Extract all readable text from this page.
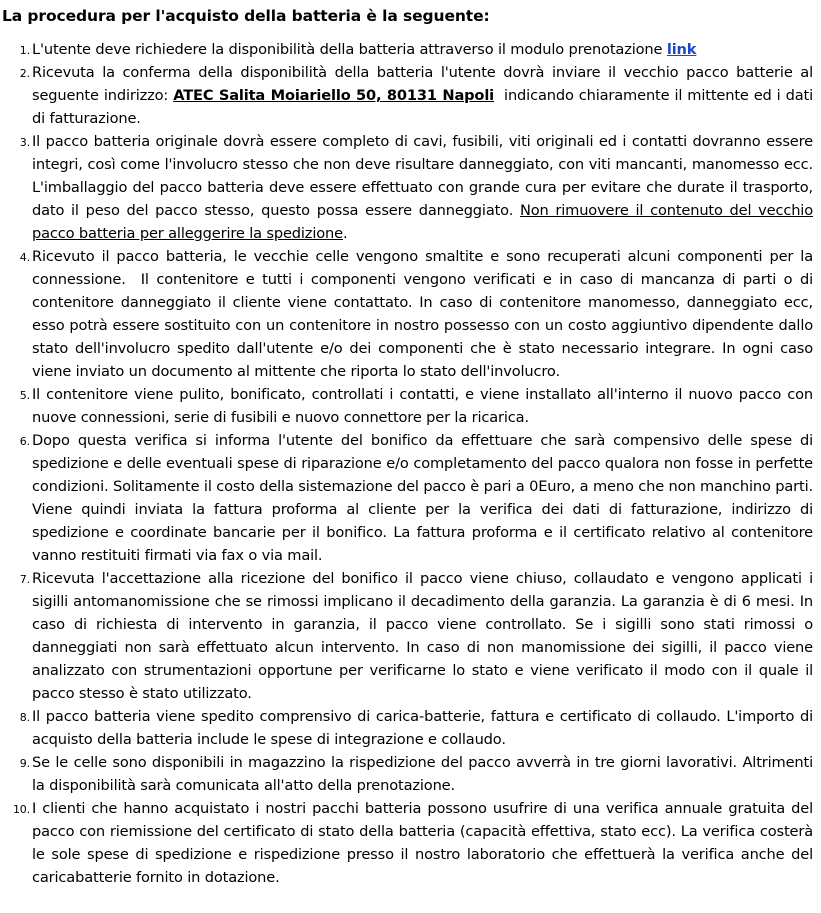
La procedura per l'acquisto della batteria è la seguente:
1. L'utente deve richiedere la disponibilità della batteria attraverso il modulo prenotazione link
2. Ricevuta la conferma della disponibilità della batteria l'utente dovrà inviare il vecchio pacco batterie al seguente indirizzo: ATEC Salita Moiariello 50, 80131 Napoli  indicando chiaramente il mittente ed i dati di fatturazione.
3. Il pacco batteria originale dovrà essere completo di cavi, fusibili, viti originali ed i contatti dovranno essere integri, così come l'involucro stesso che non deve risultare danneggiato, con viti mancanti, manomesso ecc. L'imballaggio del pacco batteria deve essere effettuato con grande cura per evitare che durate il trasporto, dato il peso del pacco stesso, questo possa essere danneggiato. Non rimuovere il contenuto del vecchio pacco batteria per alleggerire la spedizione.
4. Ricevuto il pacco batteria, le vecchie celle vengono smaltite e sono recuperati alcuni componenti per la connessione.  Il contenitore e tutti i componenti vengono verificati e in caso di mancanza di parti o di contenitore danneggiato il cliente viene contattato. In caso di contenitore manomesso, danneggiato ecc, esso potrà essere sostituito con un contenitore in nostro possesso con un costo aggiuntivo dipendente dallo stato dell'involucro spedito dall'utente e/o dei componenti che è stato necessario integrare. In ogni caso viene inviato un documento al mittente che riporta lo stato dell'involucro.
5. Il contenitore viene pulito, bonificato, controllati i contatti, e viene installato all'interno il nuovo pacco con nuove connessioni, serie di fusibili e nuovo connettore per la ricarica.
6. Dopo questa verifica si informa l'utente del bonifico da effettuare che sarà compensivo delle spese di spedizione e delle eventuali spese di riparazione e/o completamento del pacco qualora non fosse in perfette condizioni. Solitamente il costo della sistemazione del pacco è pari a 0Euro, a meno che non manchino parti. Viene quindi inviata la fattura proforma al cliente per la verifica dei dati di fatturazione, indirizzo di spedizione e coordinate bancarie per il bonifico. La fattura proforma e il certificato relativo al contenitore vanno restituiti firmati via fax o via mail.
7. Ricevuta l'accettazione alla ricezione del bonifico il pacco viene chiuso, collaudato e vengono applicati i sigilli antomanomissione che se rimossi implicano il decadimento della garanzia. La garanzia è di 6 mesi. In caso di richiesta di intervento in garanzia, il pacco viene controllato. Se i sigilli sono stati rimossi o danneggiati non sarà effettuato alcun intervento. In caso di non manomissione dei sigilli, il pacco viene analizzato con strumentazioni opportune per verificarne lo stato e viene verificato il modo con il quale il pacco stesso è stato utilizzato.
8. Il pacco batteria viene spedito comprensivo di carica-batterie, fattura e certificato di collaudo. L'importo di acquisto della batteria include le spese di integrazione e collaudo.
9. Se le celle sono disponibili in magazzino la rispedizione del pacco avverrà in tre giorni lavorativi. Altrimenti la disponibilità sarà comunicata all'atto della prenotazione.
10. I clienti che hanno acquistato i nostri pacchi batteria possono usufrire di una verifica annuale gratuita del pacco con riemissione del certificato di stato della batteria (capacità effettiva, stato ecc). La verifica costerà le sole spese di spedizione e rispedizione presso il nostro laboratorio che effettuerà la verifica anche del caricabatterie fornito in dotazione.
